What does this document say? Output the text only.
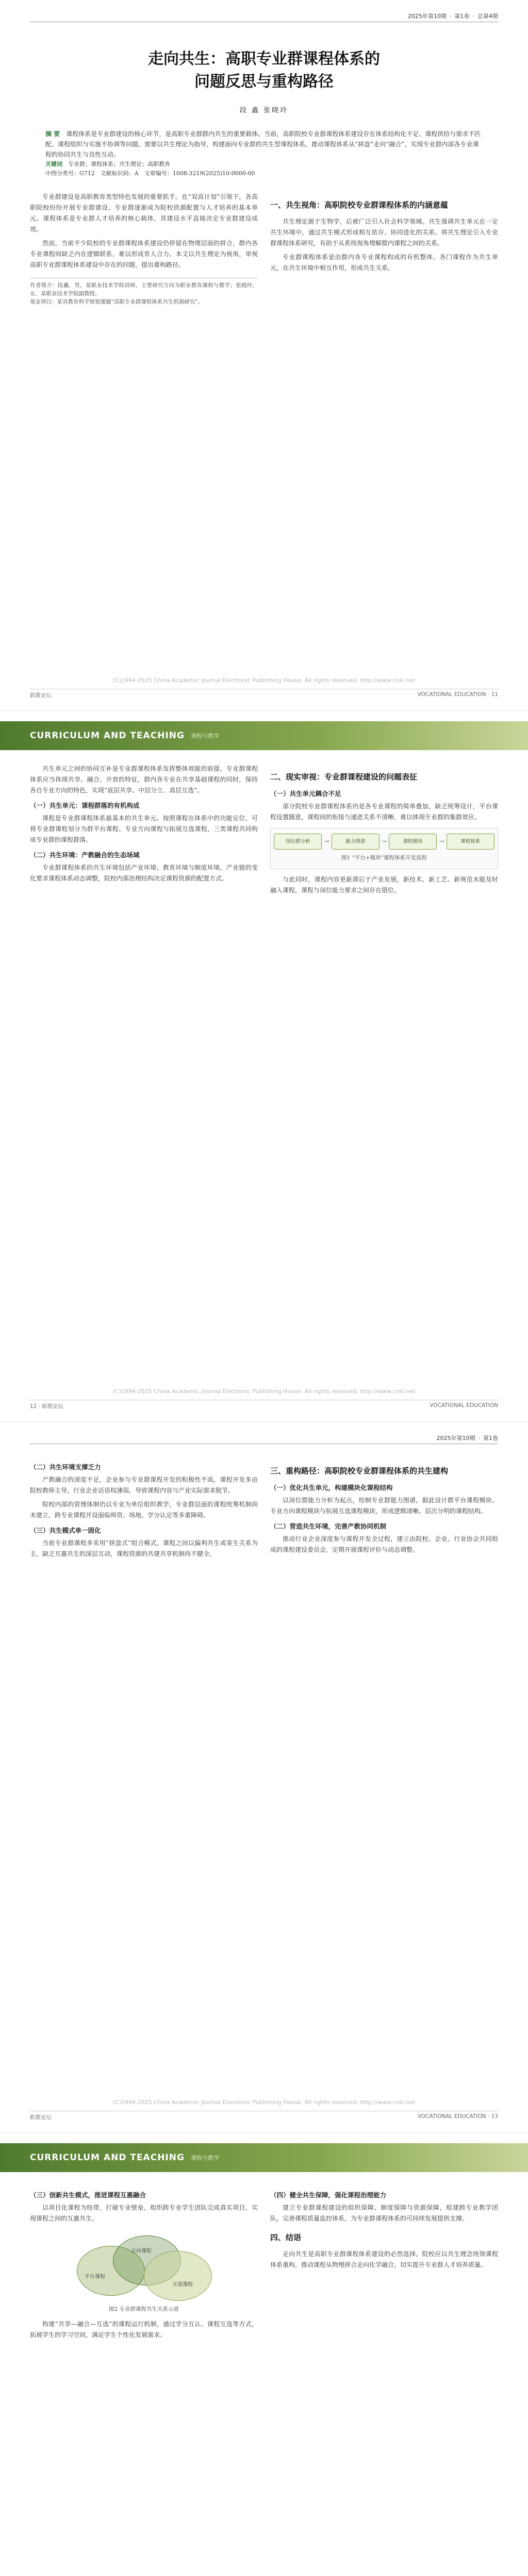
2025年第10期 · 第1卷 · 总第4期
走向共生：高职专业群课程体系的
问题反思与重构路径
段 鑫 张晓玲
摘 要　 课程体系是专业群建设的核心环节，是高职专业群群内共生的重要载体。当前，高职院校专业群课程体系建设存在体系结构化不足、课程供给与需求不匹配、课程组织与实施不协调等问题。需要以共生理论为指导，构建面向专业群的共生型课程体系，推动课程体系从“拼盘”走向“融合”，实现专业群内部各专业课程的协同共生与良性互动。
关键词　 专业群；课程体系；共生理论；高职教育
中图分类号：G712　文献标识码：A　文章编号：1008-3219(2025)10-0000-00

专业群建设是高职教育类型特色发展的重要抓手。在“双高计划”引领下，各高职院校纷纷开展专业群建设，专业群逐渐成为院校资源配置与人才培养的基本单元。课程体系是专业群人才培养的核心载体，其建设水平直接决定专业群建设成效。

然而，当前不少院校的专业群课程体系建设仍停留在物理层面的拼合，群内各专业课程间缺乏内在逻辑联系，难以形成育人合力。本文以共生理论为视角，审视高职专业群课程体系建设中存在的问题，提出重构路径。

作者简介：段鑫，男，某职业技术学院讲师，主要研究方向为职业教育课程与教学；张晓玲，女，某职业技术学院副教授。
基金项目：某省教育科学规划课题“高职专业群课程体系共生机制研究”。
一、共生视角：高职院校专业群课程体系的内涵意蕴

共生理论源于生物学，后被广泛引入社会科学领域。共生强调共生单元在一定共生环境中，通过共生模式形成相互依存、协同进化的关系。将共生理论引入专业群课程体系研究，有助于从系统视角理解群内课程之间的关系。

专业群课程体系是由群内各专业课程构成的有机整体，各门课程作为共生单元，在共生环境中相互作用，形成共生关系。

(C)1994-2025 China Academic Journal Electronic Publishing House. All rights reserved. http://www.cnki.net
职教论坛	VOCATIONAL EDUCATION · 11
CURRICULUM AND TEACHING 课程与教学

共生单元之间的协同互补是专业群课程体系发挥整体效能的前提。专业群课程体系应当体现共享、融合、开放的特征，群内各专业在共享基础课程的同时，保持各自专业方向的特色，实现“底层共享、中层分立、高层互选”。

（一）共生单元：课程群落的有机构成

课程是专业群课程体系最基本的共生单元。按照课程在体系中的功能定位，可将专业群课程划分为群平台课程、专业方向课程与拓展互选课程，三类课程共同构成专业群的课程群落。

（二）共生环境：产教融合的生态场域

专业群课程体系的共生环境包括产业环境、教育环境与制度环境。产业链的变化要求课程体系动态调整，院校内部治理结构决定课程资源的配置方式。

二、现实审视：专业群课程建设的问题表征
（一）共生单元耦合不足

部分院校专业群课程体系仍是各专业课程的简单叠加，缺乏统筹设计，平台课程设置随意，课程间的衔接与递进关系不清晰，难以体现专业群的集群效应。

岗位群分析	→	能力图谱	→	课程模块	→	课程体系
图1 “平台+模块”课程体系开发流程

与此同时，课程内容更新滞后于产业发展，新技术、新工艺、新规范未能及时融入课程，课程与岗位能力要求之间存在错位。

(C)1994-2025 China Academic Journal Electronic Publishing House. All rights reserved. http://www.cnki.net
12 · 职教论坛	VOCATIONAL EDUCATION
2025年第10期 · 第1卷
（二）共生环境支撑乏力

产教融合的深度不足，企业参与专业群课程开发的积极性不高，课程开发多由院校教师主导，行业企业话语权薄弱，导致课程内容与产业实际需求脱节。

院校内部的管理体制仍以专业为单位组织教学，专业群层面的课程统筹机制尚未建立，跨专业课程开设面临师资、场地、学分认定等多重障碍。

（三）共生模式单一固化

当前专业群课程多采用“拼盘式”组合模式，课程之间以偏利共生或寄生关系为主，缺乏互惠共生的深层互动，课程资源的共建共享机制尚不健全。

三、重构路径：高职院校专业群课程体系的共生建构
（一）优化共生单元，构建模块化课程结构

以岗位群能力分析为起点，绘制专业群能力图谱，据此设计群平台课程模块、专业方向课程模块与拓展互选课程模块，形成逻辑清晰、层次分明的课程结构。

（二）营造共生环境，完善产教协同机制

推动行业企业深度参与课程开发全过程，建立由院校、企业、行业协会共同组成的课程建设委员会，定期开展课程评价与动态调整。

(C)1994-2025 China Academic Journal Electronic Publishing House. All rights reserved. http://www.cnki.net
职教论坛	VOCATIONAL EDUCATION · 13
CURRICULUM AND TEACHING 课程与教学
（三）创新共生模式，推进课程互惠融合

以项目化课程为纽带，打破专业壁垒，组织跨专业学生团队完成真实项目，实现课程之间的互惠共生。

平台课程
方向课程
互选课程
图2 专业群课程共生关系示意

构建“共享—融合—互选”的课程运行机制，通过学分互认、课程互选等方式，拓展学生的学习空间，满足学生个性化发展需求。

（四）健全共生保障，强化课程治理能力

建立专业群课程建设的组织保障、制度保障与资源保障，组建跨专业教学团队，完善课程质量监控体系，为专业群课程体系的可持续发展提供支撑。

四、结语

走向共生是高职专业群课程体系建设的必然选择。院校应以共生理念统领课程体系重构，推动课程从物理拼合走向化学融合，切实提升专业群人才培养质量。
